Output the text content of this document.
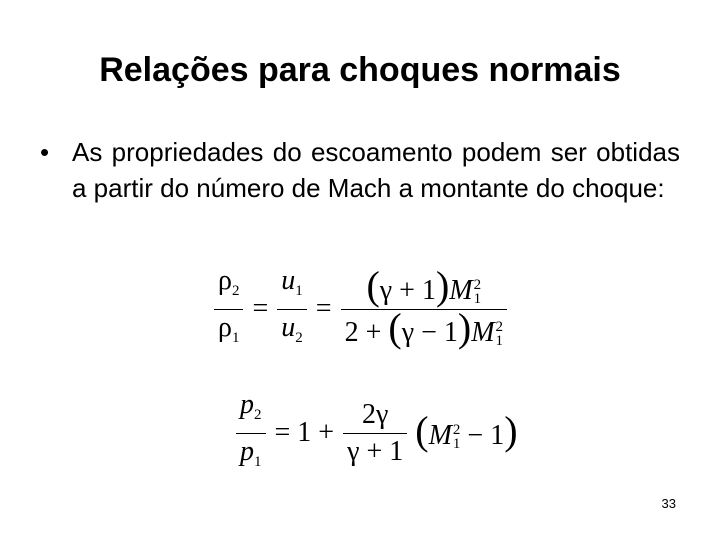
Relações para choques normais
• As propriedades do escoamento podem ser obtidas a partir do número de Mach a montante do choque:
$\frac{\rho_2}{\rho_1} = \frac{u_1}{u_2} = (\gamma + 1)M$ 2
1
2 + (γ − 1)M 2
1
$\frac{p_2}{p_1} = 1 + \frac{2\gamma}{\gamma + 1} (M$ 2
1 − 1)
33
